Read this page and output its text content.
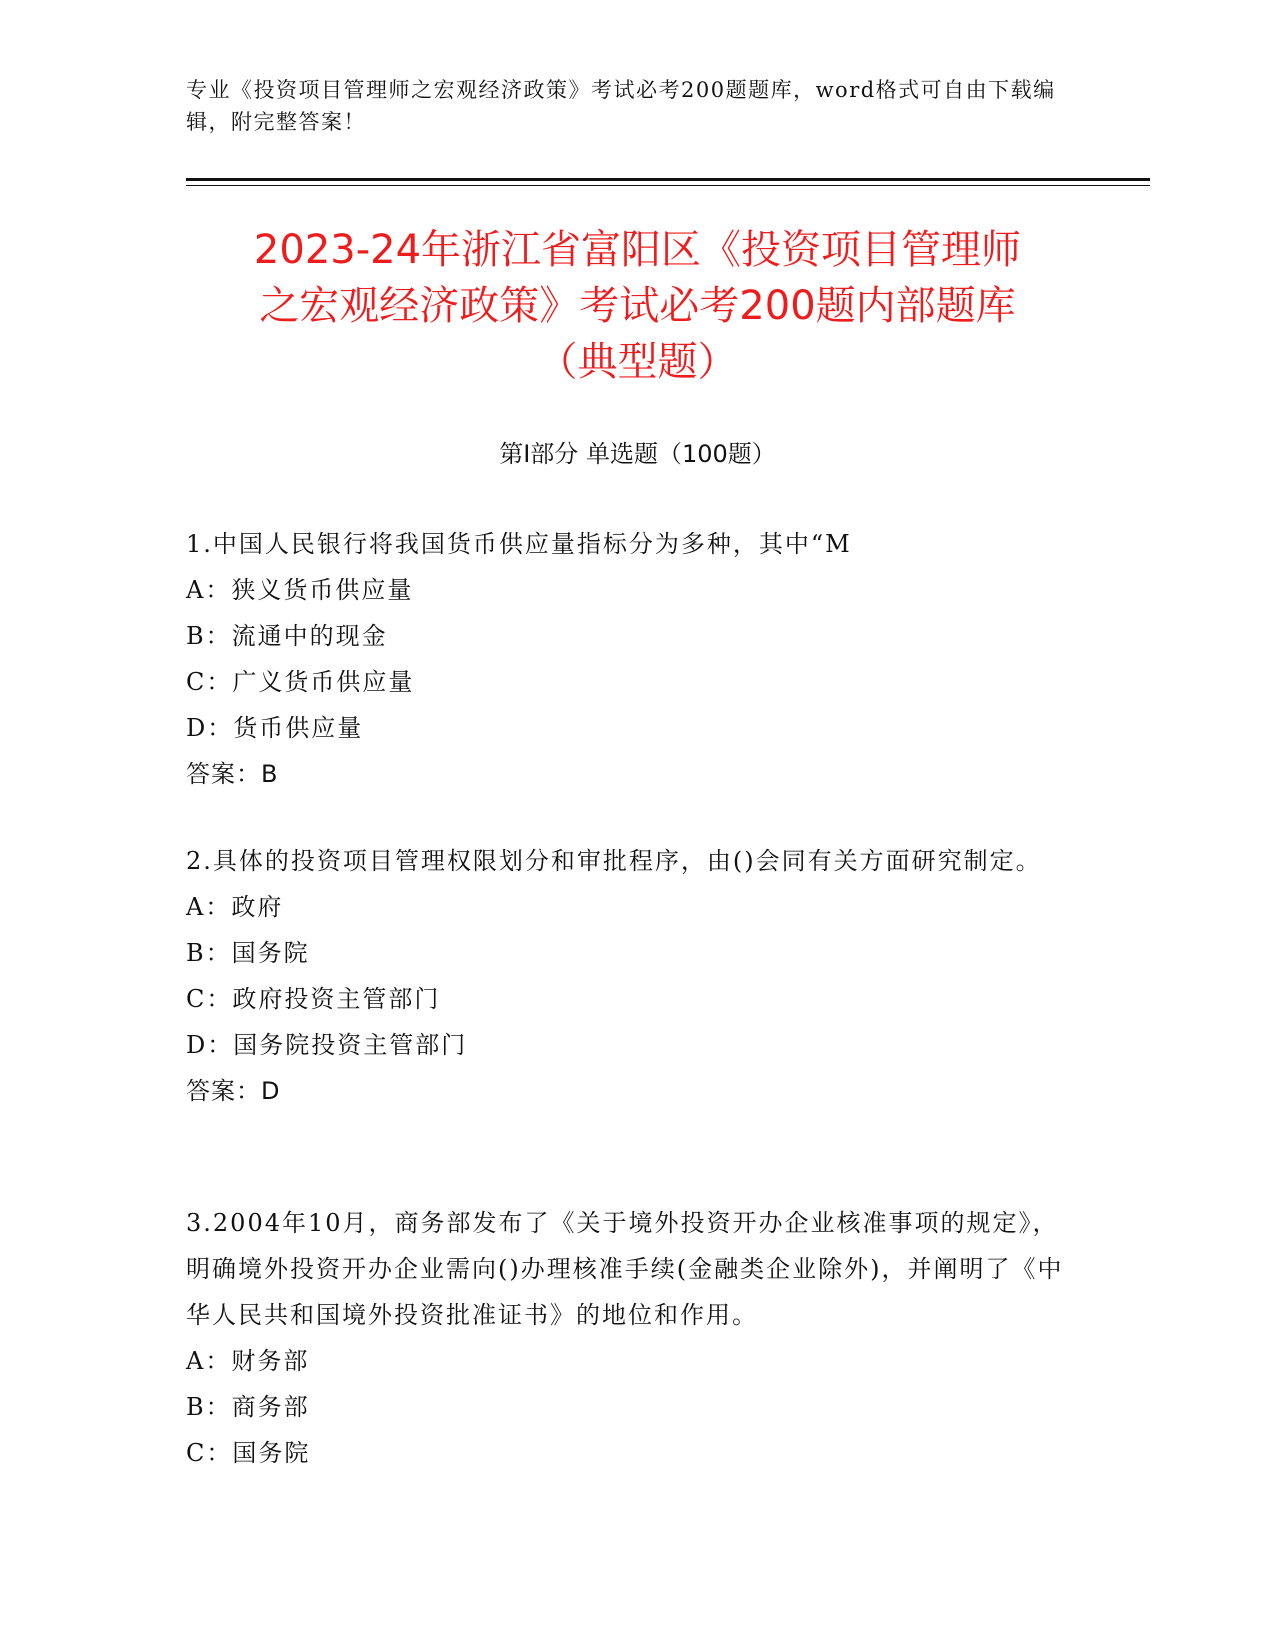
专业《投资项目管理师之宏观经济政策》考试必考200题题库，word格式可自由下载编辑，附完整答案！
2023-24年浙江省富阳区《投资项目管理师
之宏观经济政策》考试必考200题内部题库
（典型题）
第Ⅰ部分 单选题（100题）

1.中国人民银行将我国货币供应量指标分为多种，其中“M

A：狭义货币供应量

B：流通中的现金

C：广义货币供应量

D：货币供应量

答案：B

2.具体的投资项目管理权限划分和审批程序，由()会同有关方面研究制定。

A：政府

B：国务院

C：政府投资主管部门

D：国务院投资主管部门

答案：D

3.2004年10月，商务部发布了《关于境外投资开办企业核准事项的规定》，明确境外投资开办企业需向()办理核准手续(金融类企业除外)，并阐明了《中华人民共和国境外投资批准证书》的地位和作用。

A：财务部

B：商务部

C：国务院
